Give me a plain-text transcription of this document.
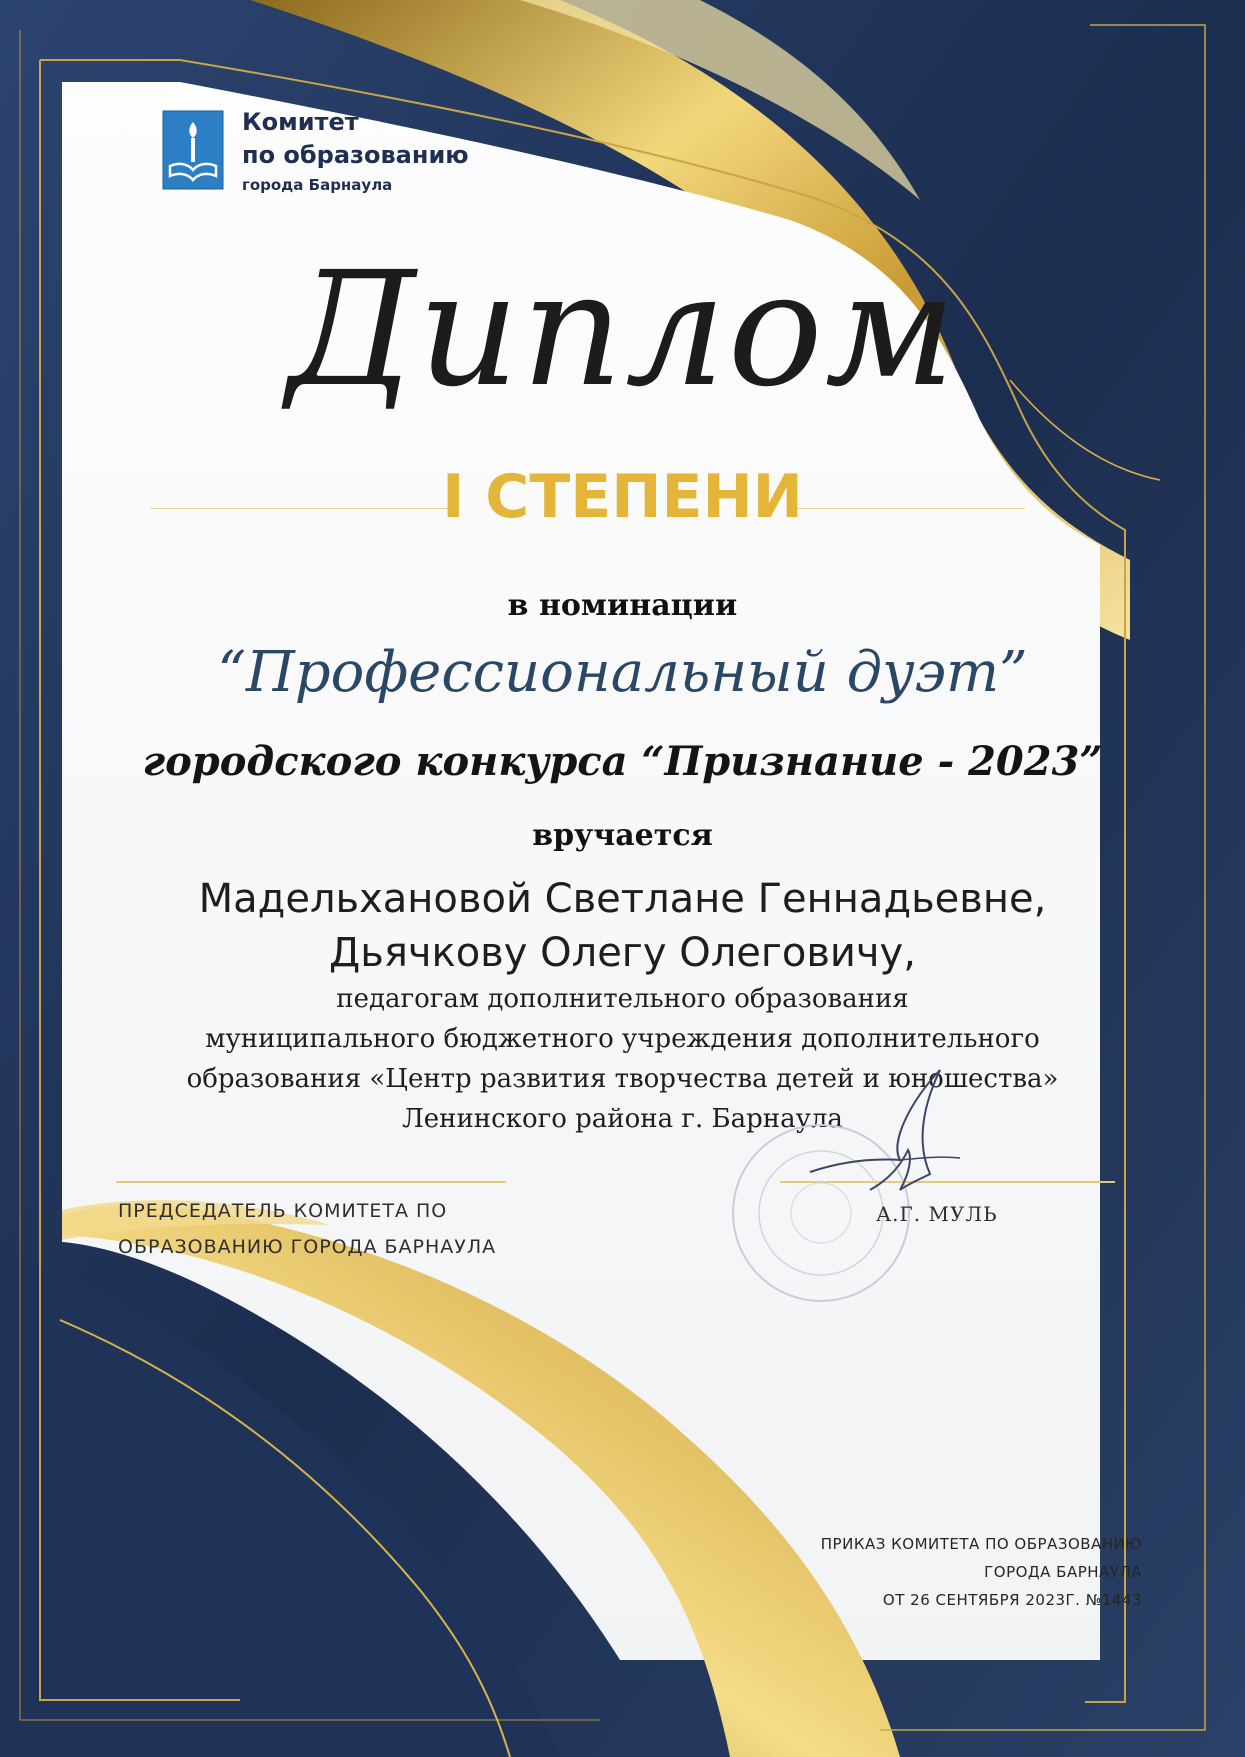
Комитет
по образованию
города Барнаула
Диплом
I СТЕПЕНИ
в номинации
“Профессиональный дуэт”
городского конкурса “Признание - 2023”
вручается
Мадельхановой Светлане Геннадьевне,
Дьячкову Олегу Олеговичу,
педагогам дополнительного образования
муниципального бюджетного учреждения дополнительного
образования «Центр развития творчества детей и юношества»
Ленинского района г. Барнаула
ПРЕДСЕДАТЕЛЬ КОМИТЕТА ПО
ОБРАЗОВАНИЮ ГОРОДА БАРНАУЛА
А.Г. МУЛЬ
ПРИКАЗ КОМИТЕТА ПО ОБРАЗОВАНИЮ
ГОРОДА БАРНАУЛА
ОТ 26 СЕНТЯБРЯ 2023Г. №1443
